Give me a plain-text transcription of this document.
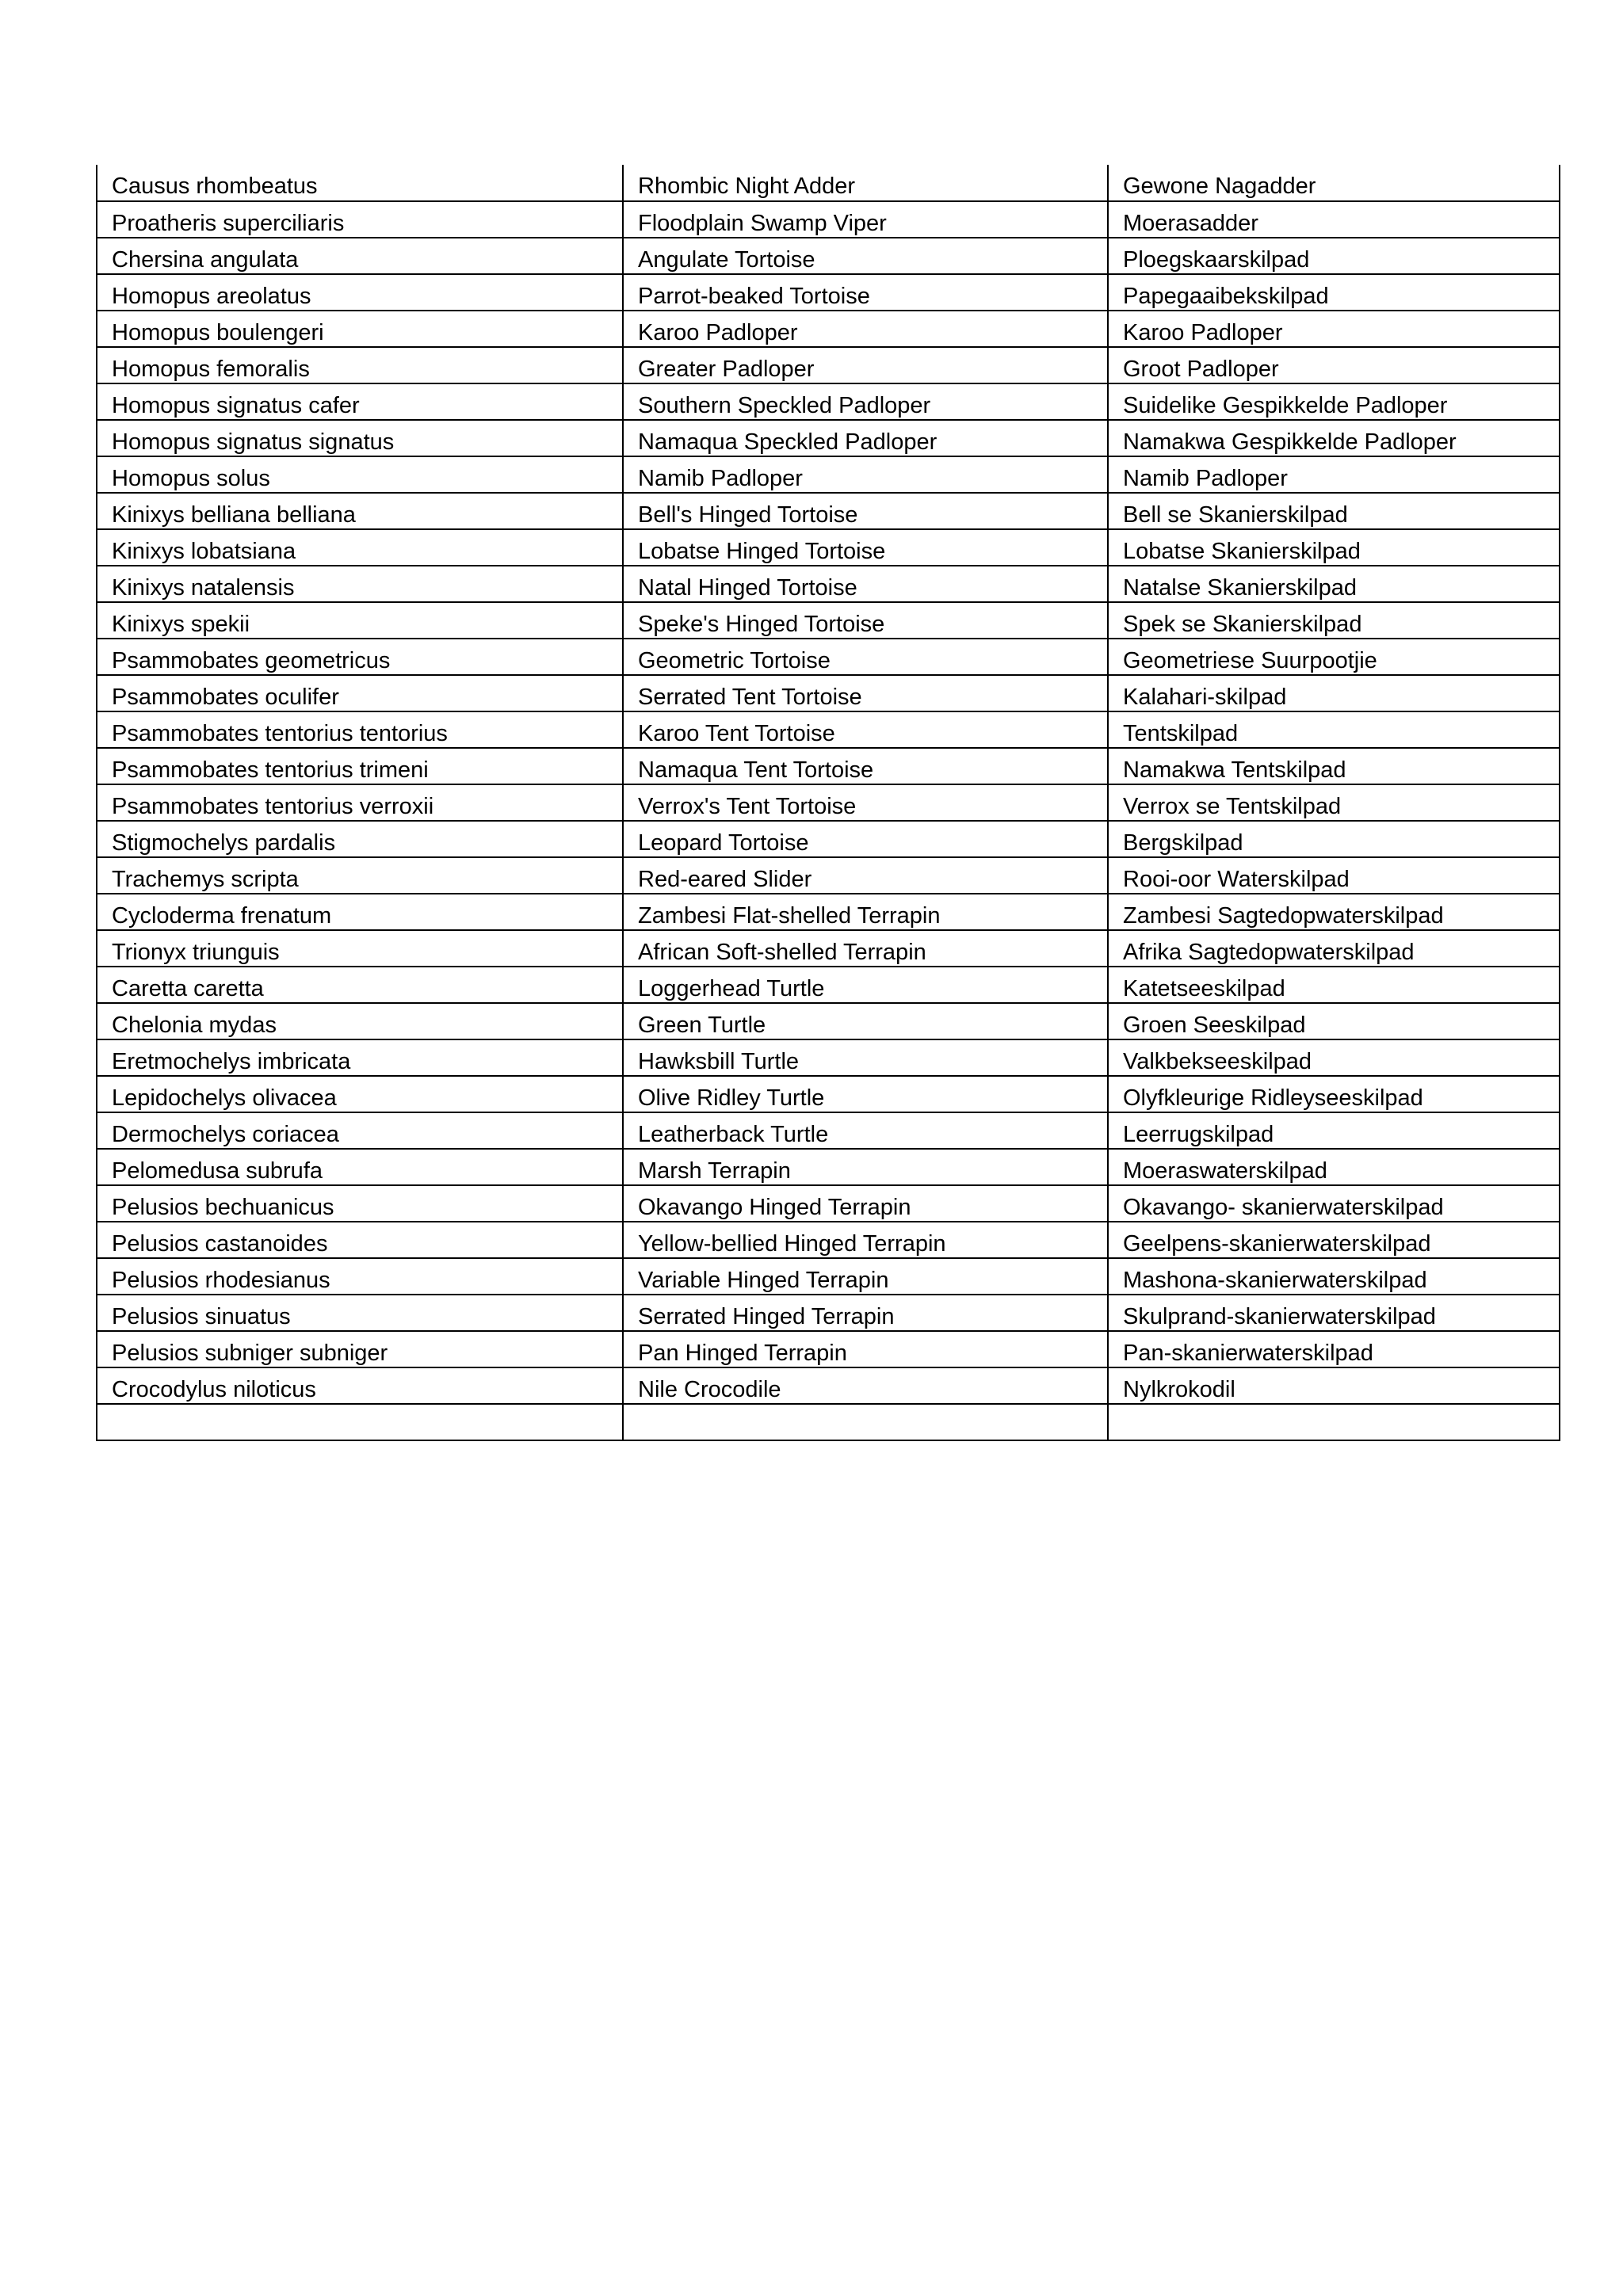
Causus rhombeatus	Rhombic Night Adder	Gewone Nagadder
Proatheris superciliaris	Floodplain Swamp Viper	Moerasadder
Chersina angulata	Angulate Tortoise	Ploegskaarskilpad
Homopus areolatus	Parrot-beaked Tortoise	Papegaaibekskilpad
Homopus boulengeri	Karoo Padloper	Karoo Padloper
Homopus femoralis	Greater Padloper	Groot Padloper
Homopus signatus cafer	Southern Speckled Padloper	Suidelike Gespikkelde Padloper
Homopus signatus signatus	Namaqua Speckled Padloper	Namakwa Gespikkelde Padloper
Homopus solus	Namib Padloper	Namib Padloper
Kinixys belliana belliana	Bell's Hinged Tortoise	Bell se Skanierskilpad
Kinixys lobatsiana	Lobatse Hinged Tortoise	Lobatse Skanierskilpad
Kinixys natalensis	Natal Hinged Tortoise	Natalse Skanierskilpad
Kinixys spekii	Speke's Hinged Tortoise	Spek se Skanierskilpad
Psammobates geometricus	Geometric Tortoise	Geometriese Suurpootjie
Psammobates oculifer	Serrated Tent Tortoise	Kalahari-skilpad
Psammobates tentorius tentorius	Karoo Tent Tortoise	Tentskilpad
Psammobates tentorius trimeni	Namaqua Tent Tortoise	Namakwa Tentskilpad
Psammobates tentorius verroxii	Verrox's Tent Tortoise	Verrox se Tentskilpad
Stigmochelys pardalis	Leopard Tortoise	Bergskilpad
Trachemys scripta	Red-eared Slider	Rooi-oor Waterskilpad
Cycloderma frenatum	Zambesi Flat-shelled Terrapin	Zambesi Sagtedopwaterskilpad
Trionyx triunguis	African Soft-shelled Terrapin	Afrika Sagtedopwaterskilpad
Caretta caretta	Loggerhead Turtle	Katetseeskilpad
Chelonia mydas	Green Turtle	Groen Seeskilpad
Eretmochelys imbricata	Hawksbill Turtle	Valkbekseeskilpad
Lepidochelys olivacea	Olive Ridley Turtle	Olyfkleurige Ridleyseeskilpad
Dermochelys coriacea	Leatherback Turtle	Leerrugskilpad
Pelomedusa subrufa	Marsh Terrapin	Moeraswaterskilpad
Pelusios bechuanicus	Okavango Hinged Terrapin	Okavango- skanierwaterskilpad
Pelusios castanoides	Yellow-bellied Hinged Terrapin	Geelpens-skanierwaterskilpad
Pelusios rhodesianus	Variable Hinged Terrapin	Mashona-skanierwaterskilpad
Pelusios sinuatus	Serrated Hinged Terrapin	Skulprand-skanierwaterskilpad
Pelusios subniger subniger	Pan Hinged Terrapin	Pan-skanierwaterskilpad
Crocodylus niloticus	Nile Crocodile	Nylkrokodil
